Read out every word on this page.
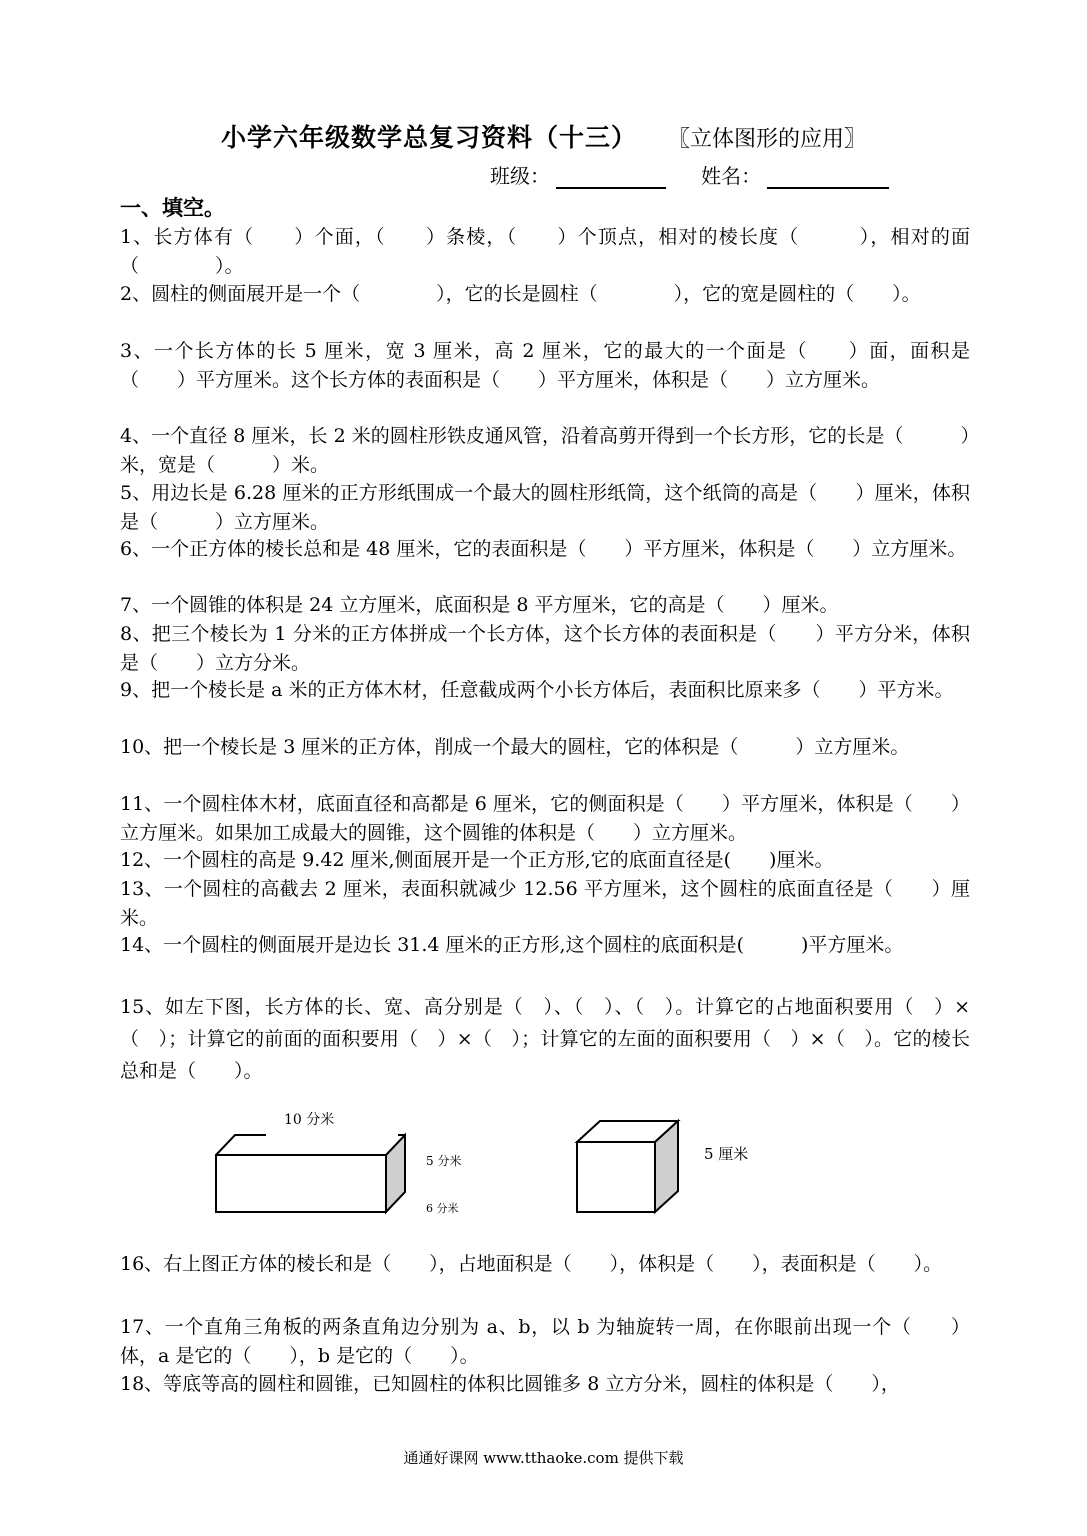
小学六年级数学总复习资料（十三） 〖立体图形的应用〗
班级：	姓名：
一、填空。
1、长方体有（　　）个面，（　　）条棱，（　　）个顶点，相对的棱长度（　　　），相对的面（　　　　）。
2、圆柱的侧面展开是一个（　　　　），它的长是圆柱（　　　　），它的宽是圆柱的（　　）。
3、一个长方体的长 5 厘米，宽 3 厘米，高 2 厘米，它的最大的一个面是（　　）面，面积是（　　）平方厘米。这个长方体的表面积是（　　）平方厘米，体积是（　　）立方厘米。
4、一个直径 8 厘米，长 2 米的圆柱形铁皮通风管，沿着高剪开得到一个长方形，它的长是（　　　）米，宽是（　　　）米。
5、用边长是 6.28 厘米的正方形纸围成一个最大的圆柱形纸筒，这个纸筒的高是（　　）厘米，体积是（　　　）立方厘米。
6、一个正方体的棱长总和是 48 厘米，它的表面积是（　　）平方厘米，体积是（　　）立方厘米。
7、一个圆锥的体积是 24 立方厘米，底面积是 8 平方厘米，它的高是（　　）厘米。
8、把三个棱长为 1 分米的正方体拼成一个长方体，这个长方体的表面积是（　　）平方分米，体积是（　　）立方分米。
9、把一个棱长是 a 米的正方体木材，任意截成两个小长方体后，表面积比原来多（　　）平方米。
10、把一个棱长是 3 厘米的正方体，削成一个最大的圆柱，它的体积是（　　　）立方厘米。
11、一个圆柱体木材，底面直径和高都是 6 厘米，它的侧面积是（　　）平方厘米，体积是（　　）立方厘米。如果加工成最大的圆锥，这个圆锥的体积是（　　）立方厘米。
12、一个圆柱的高是 9.42 厘米,侧面展开是一个正方形,它的底面直径是(　　)厘米。
13、一个圆柱的高截去 2 厘米，表面积就减少 12.56 平方厘米，这个圆柱的底面直径是（　　）厘米。
14、一个圆柱的侧面展开是边长 31.4 厘米的正方形,这个圆柱的底面积是(　　　)平方厘米。
15、如左下图，长方体的长、宽、高分别是（　）、（　）、（　）。计算它的占地面积要用（　）×（　）；计算它的前面的面积要用（　）×（　）；计算它的左面的面积要用（　）×（　）。它的棱长总和是（　　）。
10 分米
5 分米
6 分米
5 厘米
16、右上图正方体的棱长和是（　　），占地面积是（　　），体积是（　　），表面积是（　　）。
17、一个直角三角板的两条直角边分别为 a、b，以 b 为轴旋转一周，在你眼前出现一个（　　）体，a 是它的（　　），b 是它的（　　）。
18、等底等高的圆柱和圆锥，已知圆柱的体积比圆锥多 8 立方分米，圆柱的体积是（　　），
通通好课网 www.tthaoke.com 提供下载
